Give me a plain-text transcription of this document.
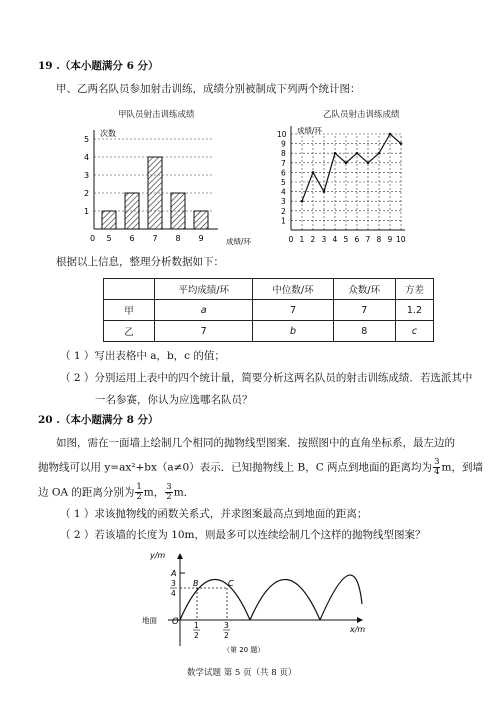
19 .（本小题满分 6 分）
甲、乙两名队员参加射击训练，成绩分别被制成下列两个统计图：
甲队员射击训练成绩	乙队员射击训练成绩
次数
成绩/环
1
2
3
4
5
0 5 6 7 8 9
成绩/环
1
2
3
4
5
6
7
8
9
10
0 1 2 3 4 5 6 7 8 9 10
根据以上信息，整理分析数据如下：
	平均成绩/环	中位数/环	众数/环	方差
甲	a	7	7	1.2
乙	7	b	8	c
（ 1 ）写出表格中 a，b，c 的值；
（ 2 ）分别运用上表中的四个统计量，简要分析这两名队员的射击训练成绩．若选派其中
一名参赛，你认为应选哪名队员？
20 .（本小题满分 8 分）
如图，需在一面墙上绘制几个相同的抛物线型图案．按照图中的直角坐标系，最左边的
抛物线可以用 y=ax²+bx（a≠0）表示．已知抛物线上 B，C 两点到地面的距离均为 $\frac{3}{4}$ m，到墙
边 OA 的距离分别为 $\frac{1}{2}$ m， $\frac{3}{2}$ m．
（ 1 ）求该抛物线的函数关系式，并求图案最高点到地面的距离；
（ 2 ）若该墙的长度为 10m，则最多可以连续绘制几个这样的抛物线型图案？
y/m
A
B	C
3
4
地面 O 1
2
3
2
x/m
（第 20 题）
数学试题 第 5 页（共 8 页）
